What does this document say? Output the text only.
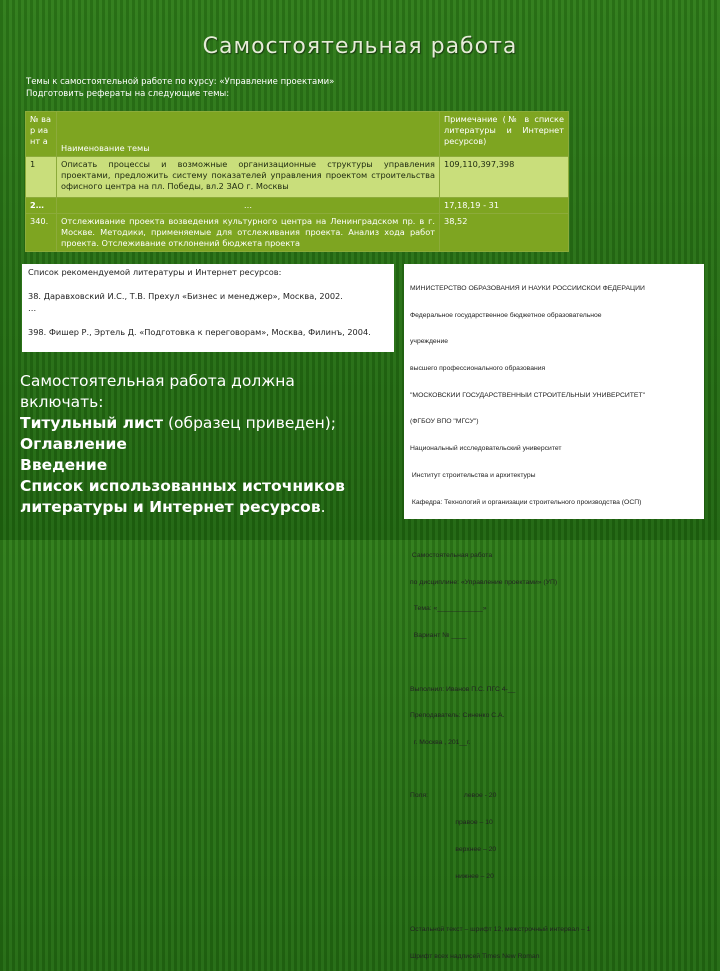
Самостоятельная работа
Темы к самостоятельной работе по курсу: «Управление проектами»
Подготовить рефераты на следующие темы:
№ вар иант а	Наименование темы	Примечание (№ в списке литературы и Интернет ресурсов)
1	Описать процессы и возможные организационные структуры управления проектами, предложить систему показателей управления проектом строительства офисного центра на пл. Победы, вл.2 ЗАО г. Москвы	109,110,397,398
2…	…	17,18,19 - 31
340.	Отслеживание проекта возведения культурного центра на Ленинградском пр. в г. Москве. Методики, применяемые для отслеживания проекта. Анализ хода работ проекта. Отслеживание отклонений бюджета проекта	38,52

Список рекомендуемой литературы и Интернет ресурсов:

38. Даравховский И.С., Т.В. Прехул «Бизнес и менеджер», Москва, 2002.

…

398. Фишер Р., Эртель Д. «Подготовка к переговорам», Москва, Филинъ, 2004.

Самостоятельная работа должна
включать:
Титульный лист (образец приведен);
Оглавление
Введение
Список использованных источников
литературы и Интернет ресурсов.

МИНИСТЕРСТВО ОБРАЗОВАНИЯ И НАУКИ РОССИЙСКОЙ ФЕДЕРАЦИИ

Федеральное государственное бюджетное образовательное

учреждение

высшего профессионального образования

"МОСКОВСКИЙ ГОСУДАРСТВЕННЫЙ СТРОИТЕЛЬНЫЙ УНИВЕРСИТЕТ"

(ФГБОУ ВПО "МГСУ")

Национальный исследовательский университет

Институт строительства и архитектуры

Кафедра: Технологий и организации строительного производства (ОСП)

Самостоятельная работа

по дисциплине: «Управление проектами» (УП)

Тема: «____________»

Вариант № ____

Выполнил: Иванов П.С. ПГС 4-__

Преподаватель: Синенко С.А.

г. Москва , 201__г.

Поля:                   левое - 20

правое – 10

верхнее – 20

нижнее – 20

Остальной текст – шрифт 12, межстрочный интервал – 1

Шрифт всех надписей Times New Roman
